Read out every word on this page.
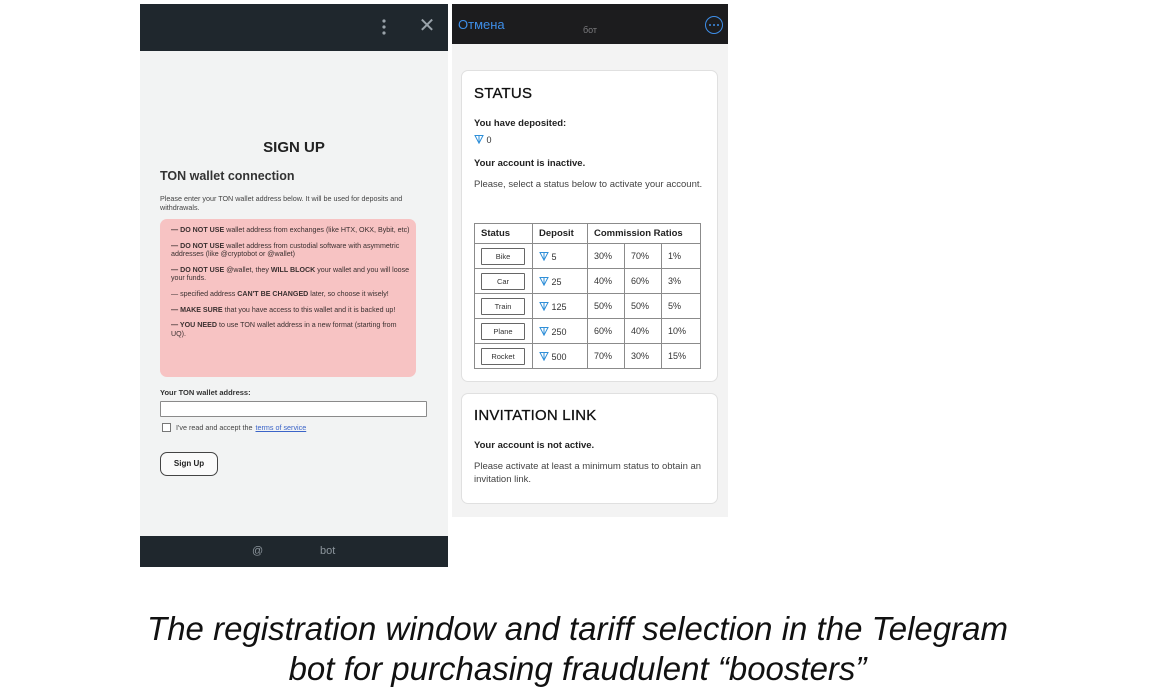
✕
SIGN UP
TON wallet connection
Please enter your TON wallet address below. It will be used for deposits and withdrawals.

— DO NOT USE wallet address from exchanges (like HTX, OKX, Bybit, etc)

— DO NOT USE wallet address from custodial software with asymmetric addresses (like @cryptobot or @wallet)

— DO NOT USE @wallet, they WILL BLOCK your wallet and you will loose your funds.

— specified address CAN'T BE CHANGED later, so choose it wisely!

— MAKE SURE that you have access to this wallet and it is backed up!

— YOU NEED to use TON wallet address in a new format (starting from UQ).

Your TON wallet address:
I've read and accept the terms of service
Sign Up
@	bot
Отмена	бот
STATUS
You have deposited:
0
Your account is inactive.
Please, select a status below to activate your account.
Status	Deposit	Commission Ratios		
Bike	5	30%	70%	1%
Car	25	40%	60%	3%
Train	125	50%	50%	5%
Plane	250	60%	40%	10%
Rocket	500	70%	30%	15%
INVITATION LINK
Your account is not active.
Please activate at least a minimum status to obtain an invitation link.
The registration window and tariff selection in the Telegram
bot for purchasing fraudulent “boosters”
